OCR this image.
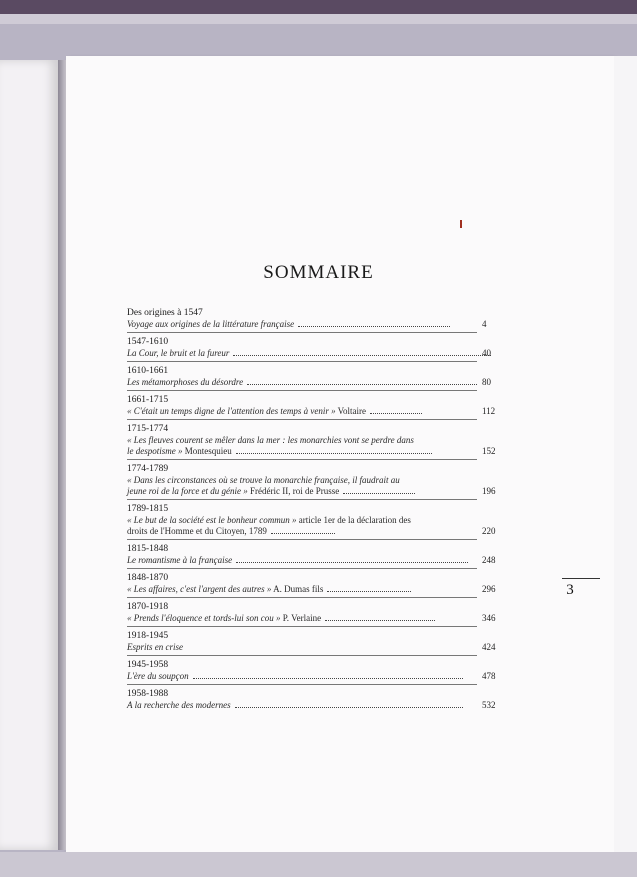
SOMMAIRE
Des origines à 1547
Voyage aux origines de la littérature française	4
1547-1610
La Cour, le bruit et la fureur	40
1610-1661
Les métamorphoses du désordre	80
1661-1715
« C'était un temps digne de l'attention des temps à venir » Voltaire	112
1715-1774
« Les fleuves courent se mêler dans la mer : les monarchies vont se perdre dans
le despotisme » Montesquieu	152
1774-1789
« Dans les circonstances où se trouve la monarchie française, il faudrait au
jeune roi de la force et du génie » Frédéric II, roi de Prusse	196
1789-1815
« Le but de la société est le bonheur commun » article 1er de la déclaration des
droits de l'Homme et du Citoyen, 1789	220
1815-1848
Le romantisme à la française	248
1848-1870
« Les affaires, c'est l'argent des autres » A. Dumas fils	296
1870-1918
« Prends l'éloquence et tords-lui son cou » P. Verlaine	346
1918-1945
Esprits en crise	424
1945-1958
L'ère du soupçon	478
1958-1988
A la recherche des modernes	532
3
